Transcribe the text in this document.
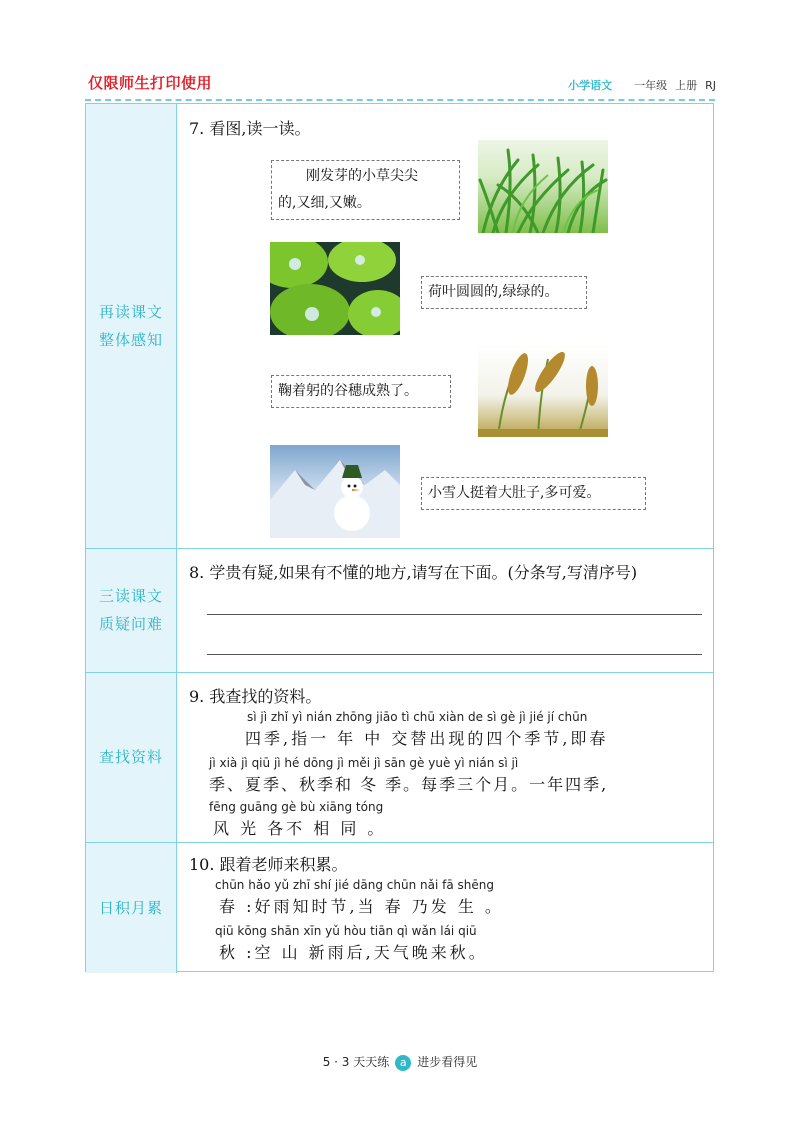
仅限师生打印使用	小学语文 一年级 上册 RJ
再读课文
整体感知
三读课文
质疑问难
查找资料
日积月累
7. 看图,读一读。
刚发芽的小草尖尖
的,又细,又嫩。
荷叶圆圆的,绿绿的。
鞠着躬的谷穗成熟了。
小雪人挺着大肚子,多可爱。
8. 学贵有疑,如果有不懂的地方,请写在下面。(分条写,写清序号)
9. 我查找的资料。
sì jì zhǐ yì nián zhōng jiāo tì chū xiàn de sì gè jì jié jí chūn
四季,指一 年 中 交替出现的四个季节,即春
jì xià jì qiū jì hé dōng jì měi jì sān gè yuè yì nián sì jì
季、夏季、秋季和 冬 季。每季三个月。一年四季,
fēng guāng gè bù xiāng tóng
风 光 各不 相 同 。
10. 跟着老师来积累。
chūn hǎo yǔ zhī shí jié dāng chūn nǎi fā shēng
春 :好雨知时节,当 春 乃发 生 。
qiū kōng shān xīn yǔ hòu tiān qì wǎn lái qiū
秋 :空 山 新雨后,天气晚来秋。
5 · 3 天天练 a 进步看得见
